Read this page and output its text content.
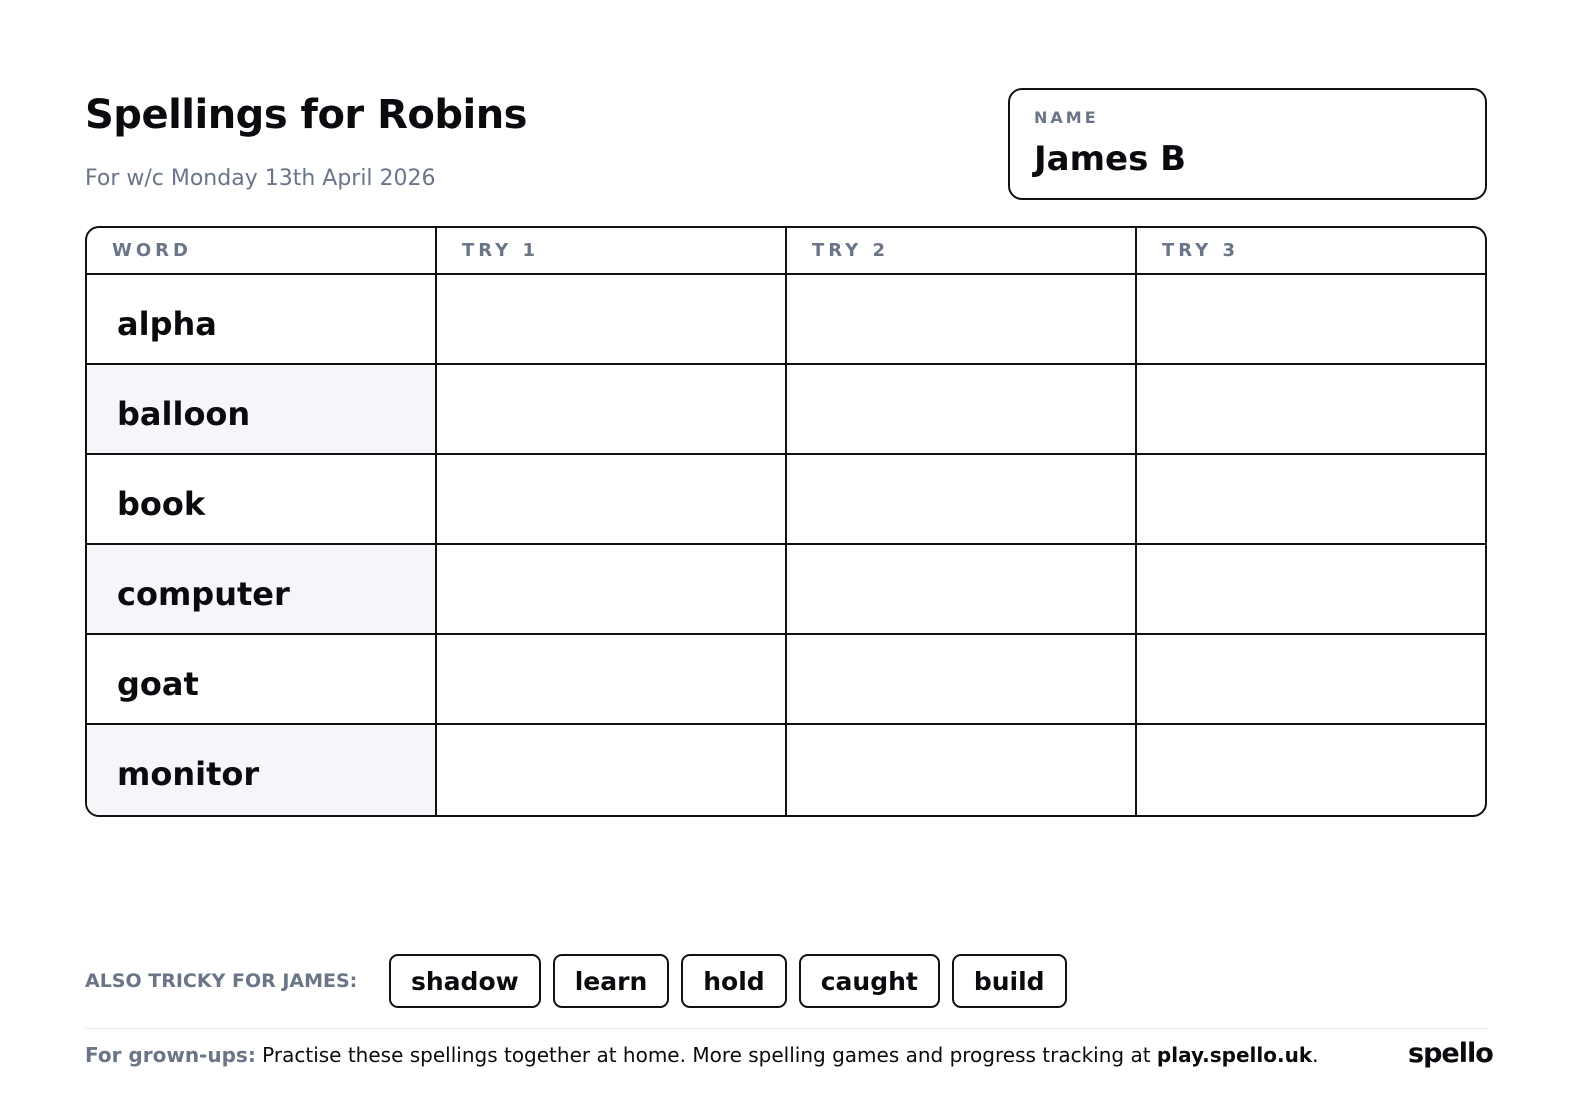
Spellings for Robins
For w/c Monday 13th April 2026
NAME
James B
WORD	TRY 1	TRY 2	TRY 3
alpha
balloon
book
computer
goat
monitor
ALSO TRICKY FOR JAMES:	shadow	learn	hold	caught	build
For grown-ups: Practise these spellings together at home. More spelling games and progress tracking at play.spello.uk.	spello
